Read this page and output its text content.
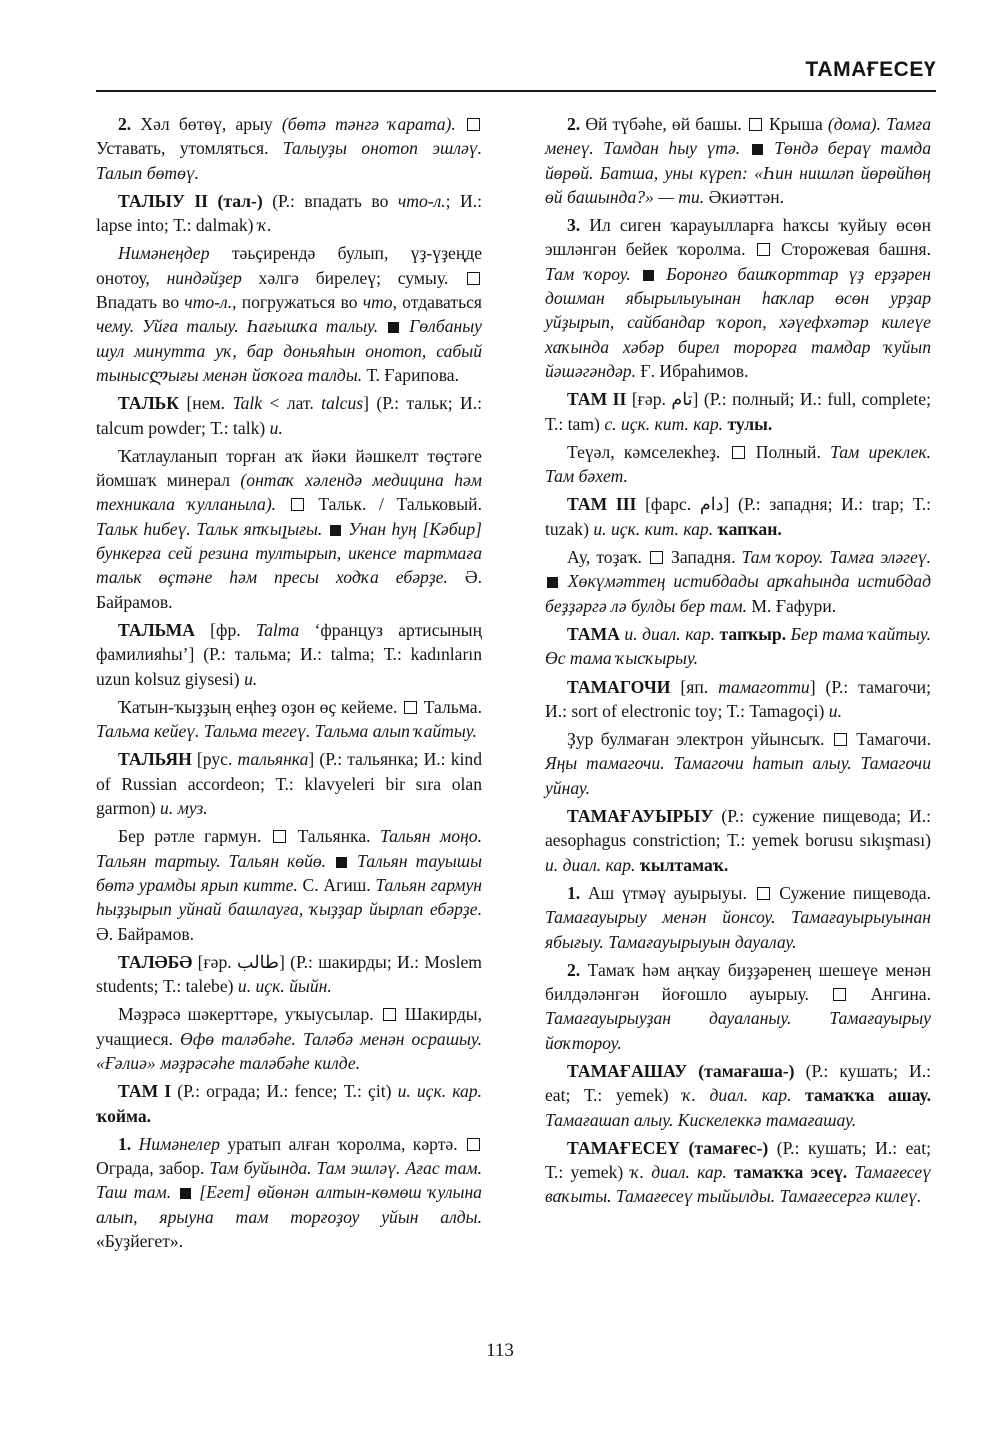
ТАМАҒЕСЕҮ

2. Хәл бөтөү, арыу (бөтә тәнгә ҡарата).  Уставать, утомляться. Талыуҙы онотоп эшләү. Талып бөтөү.

ТАЛЫУ II (тал-) (Р.: впадать во что-л.; И.: lapse into; Т.: dalmak) ҡ.

Нимәнеңдер тәьҫирендә булып, үҙ-үҙеңде онотоу, ниндәйҙер хәлгә бирелеү; сумыу.  Впадать во что-л., погружаться во что, отдаваться чему. Уйға талыу. Һағышҡа талыу. Гөлбаныу шул минутта уҡ, бар доньяһын онотоп, сабый тынысლығы менән йоҡоға талды. Т. Ғарипова.

ТАЛЬК [нем. Talk < лат. talcus] (Р.: тальк; И.: talcum powder; Т.: talk) и.

Ҡатлауланып торған аҡ йәки йәшкелт төҫтәге йомшаҡ минерал (онтаҡ хәлендә медицина һәм техникала ҡулланыла).  Тальк. / Тальковый. Тальк һибеү. Тальк япҡыլығы. Унан һуң [Кәбир] бункерға сей резина тултырып, икенсе тартмаға тальк өҫтәне һәм пресы ходҡа ебәрҙе. Ә. Байрамов.

ТАЛЬМА [фр. Talma ‘француз артисының фамилияһы’] (Р.: тальма; И.: talma; Т.: kadınların uzun kolsuz giysesi) и.

Ҡатын-ҡыҙҙың еңһеҙ оҙон өҫ кейеме.  Тальма. Тальма кейеү. Тальма тегеү. Тальма алып ҡайтыу.

ТАЛЬЯН [рус. тальянка] (Р.: тальянка; И.: kind of Russian accordeon; Т.: klavyeleri bir sıra olan garmon) и. муз.

Бер рәтле гармун.  Тальянка. Тальян моңо. Тальян тартыу. Тальян көйө. Тальян тауышы бөтә урамды ярып китте. С. Агиш. Тальян гармун һыҙҙырып уйнай башлауға, ҡыҙҙар йырлап ебәрҙе. Ә. Байрамов.

ТАЛӘБӘ [ғәр. طالب] (Р.: шакирды; И.: Moslem students; Т.: talebe) и. иҫк. йыйн.

Мәҙрәсә шәкерттәре, уҡыусылар.  Шакирды, учащиеся. Өфө таләбәһе. Таләбә менән осрашыу. «Ғәлиә» мәҙрәсәһе таләбәһе килде.

ТАМ I (Р.: ограда; И.: fence; Т.: çit) и. иҫк. кар. ҡойма.

1. Нимәнелер уратып алған ҡоролма, кәртә.  Ограда, забор. Там буйында. Там эшләү. Ағас там. Таш там. [Егет] өйөнән алтын-көмөш ҡулына алып, ярыуна там торғоҙоу уйын алды. «Буҙйегет».

2. Өй түбәһе, өй башы.  Крыша (дома). Тамға менеү. Тамдан һыу үтә. Төндә бераү тамда йөрөй. Батша, уны күреп: «Һин нишләп йөрөйһөң өй башында?» — ти. Әкиәттән.

3. Ил сиген ҡарауылларға һаҡсы ҡуйыу өсөн эшләнгән бейек ҡоролма.  Сторожевая башня. Там ҡороу. Боронғо башҡорттар үҙ ерҙәрен дошман ябырылыуынан һаҡлар өсөн урҙар уйҙырып, сайбандар ҡороп, хәүефхәтәр килеүе хаҡында хәбәр бирел торорға тамдар ҡуйып йәшәгәндәр. Ғ. Ибраһимов.

ТАМ II [ғәр. تام] (Р.: полный; И.: full, complete; Т.: tam) с. иҫк. кит. кар. тулы.

Теүәл, кәмселекһеҙ.  Полный. Там иреклек. Там бәхет.

ТАМ III [фарс. دام] (Р.: западня; И.: trap; Т.: tuzak) и. иҫк. кит. кар. ҡапҡан.

Ау, тоҙаҡ.  Западня. Там ҡороу. Тамға эләгеү.  Хөкүмәттең истибдады арҡаһында истибдад беҙҙәргә лә булды бер там. М. Ғафури.

ТАМА и. диал. кар. тапҡыр. Бер тама ҡайтыу. Өс тама ҡысҡырыу.

ТАМАГОЧИ [яп. тамаготти] (Р.: тамагочи; И.: sort of electronic toy; Т.: Tamagoçi) и.

Ҙур булмаған электрон уйынсыҡ.  Тамагочи. Яңы тамагочи. Тамагочи һатып алыу. Тамагочи уйнау.

ТАМАҒАУЫРЫУ (Р.: сужение пищевода; И.: aesophagus constriction; Т.: yemek borusu sıkışması) и. диал. кар. ҡылтамаҡ.

1. Аш үтмәү ауырыуы.  Сужение пищевода. Тамағауырыу менән йонсоу. Тамағауырыуынан ябығыу. Тамағауырыуын дауалау.

2. Тамаҡ һәм аңҡау биҙҙәренең шешеүе менән билдәләнгән йоғошло ауырыу.  Ангина. Тамағауырыуҙан дауаланыу. Тамағауырыу йоҡтороу.

ТАМАҒАШАУ (тамағаша-) (Р.: кушать; И.: eat; Т.: yemek) ҡ. диал. кар. тамаҡҡа ашау. Тамағашап алыу. Кискелеккә тамағашау.

ТАМАҒЕСЕҮ (тамағес-) (Р.: кушать; И.: eat; Т.: yemek) ҡ. диал. кар. тамаҡҡа эсеү. Тамағесеү ваҡыты. Тамағесеү тыйылды. Тамағесергә килеү.

113
